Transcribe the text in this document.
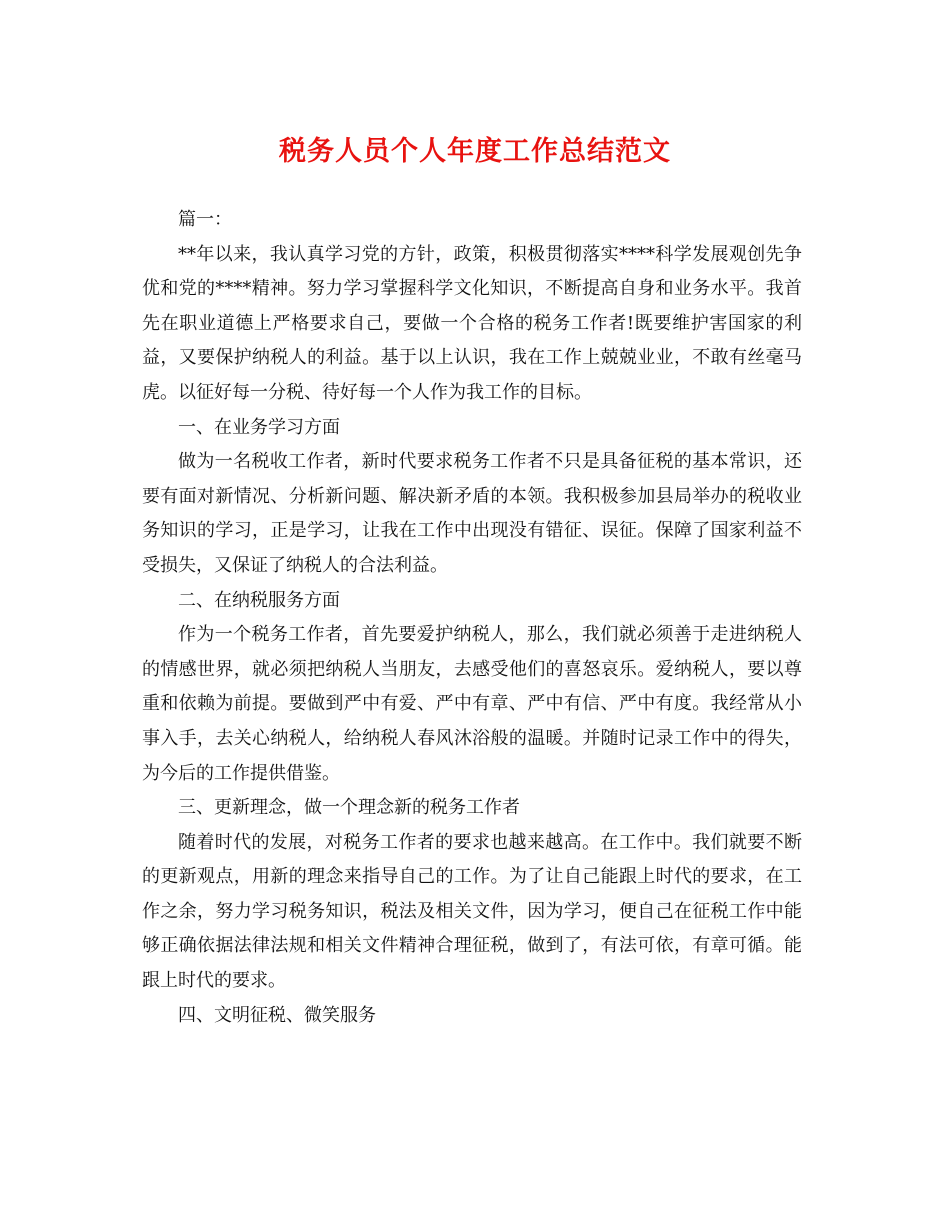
税务人员个人年度工作总结范文

篇一：

**年以来，我认真学习党的方针，政策，积极贯彻落实****科学发展观创先争优和党的****精神。努力学习掌握科学文化知识，不断提高自身和业务水平。我首先在职业道德上严格要求自己，要做一个合格的税务工作者!既要维护害国家的利益，又要保护纳税人的利益。基于以上认识，我在工作上兢兢业业，不敢有丝毫马虎。以征好每一分税、待好每一个人作为我工作的目标。

一、在业务学习方面

做为一名税收工作者，新时代要求税务工作者不只是具备征税的基本常识，还要有面对新情况、分析新问题、解决新矛盾的本领。我积极参加县局举办的税收业务知识的学习，正是学习，让我在工作中出现没有错征、误征。保障了国家利益不受损失，又保证了纳税人的合法利益。

二、在纳税服务方面

作为一个税务工作者，首先要爱护纳税人，那么，我们就必须善于走进纳税人的情感世界，就必须把纳税人当朋友，去感受他们的喜怒哀乐。爱纳税人，要以尊重和依赖为前提。要做到严中有爱、严中有章、严中有信、严中有度。我经常从小事入手，去关心纳税人，给纳税人春风沐浴般的温暖。并随时记录工作中的得失，为今后的工作提供借鉴。

三、更新理念，做一个理念新的税务工作者

随着时代的发展，对税务工作者的要求也越来越高。在工作中。我们就要不断的更新观点，用新的理念来指导自己的工作。为了让自己能跟上时代的要求，在工作之余，努力学习税务知识，税法及相关文件，因为学习，便自己在征税工作中能够正确依据法律法规和相关文件精神合理征税，做到了，有法可依，有章可循。能跟上时代的要求。

四、文明征税、微笑服务
